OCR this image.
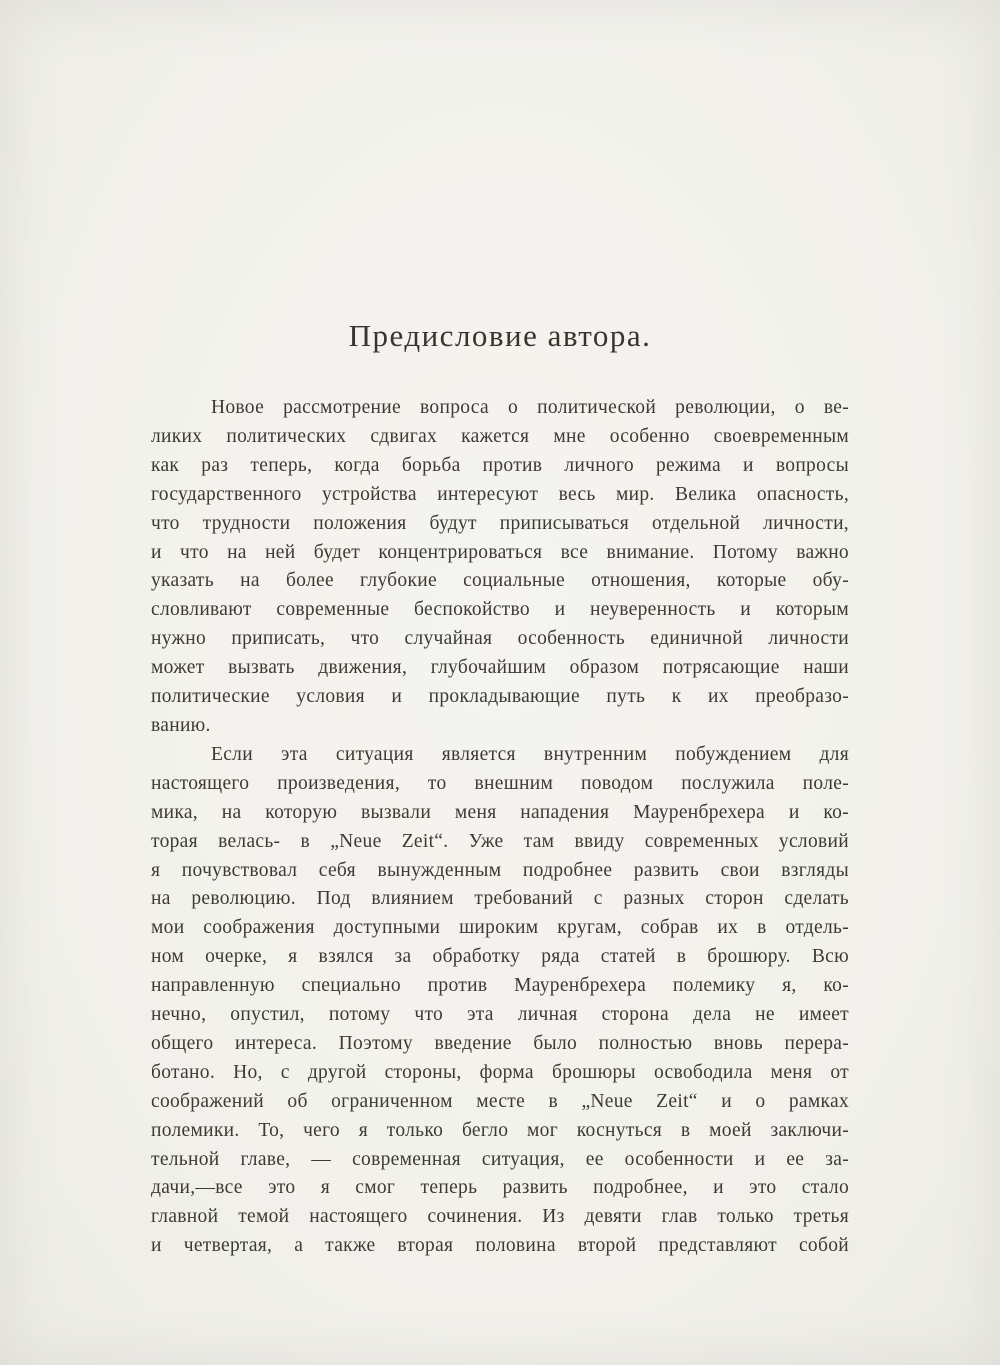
Предисловие автора.
Новое рассмотрение вопроса о политической революции, о ве-
ликих политических сдвигах кажется мне особенно своевременным
как раз теперь, когда борьба против личного режима и вопросы
государственного устройства интересуют весь мир. Велика опасность,
что трудности положения будут приписываться отдельной личности,
и что на ней будет концентрироваться все внимание. Потому важно
указать на более глубокие социальные отношения, которые обу-
словливают современные беспокойство и неуверенность и которым
нужно приписать, что случайная особенность единичной личности
может вызвать движения, глубочайшим образом потрясающие наши
политические условия и прокладывающие путь к их преобразо-
ванию.
Если эта ситуация является внутренним побуждением для
настоящего произведения, то внешним поводом послужила поле-
мика, на которую вызвали меня нападения Мауренбрехера и ко-
торая велась- в „Neue Zeit“. Уже там ввиду современных условий
я почувствовал себя вынужденным подробнее развить свои взгляды
на революцию. Под влиянием требований с разных сторон сделать
мои соображения доступными широким кругам, собрав их в отдель-
ном очерке, я взялся за обработку ряда статей в брошюру. Всю
направленную специально против Мауренбрехера полемику я, ко-
нечно, опустил, потому что эта личная сторона дела не имеет
общего интереса. Поэтому введение было полностью вновь перера-
ботано. Но, с другой стороны, форма брошюры освободила меня от
соображений об ограниченном месте в „Neue Zeit“ и о рамках
полемики. То, чего я только бегло мог коснуться в моей заключи-
тельной главе, — современная ситуация, ее особенности и ее за-
дачи,—все это я смог теперь развить подробнее, и это стало
главной темой настоящего сочинения. Из девяти глав только третья
и четвертая, а также вторая половина второй представляют собой
